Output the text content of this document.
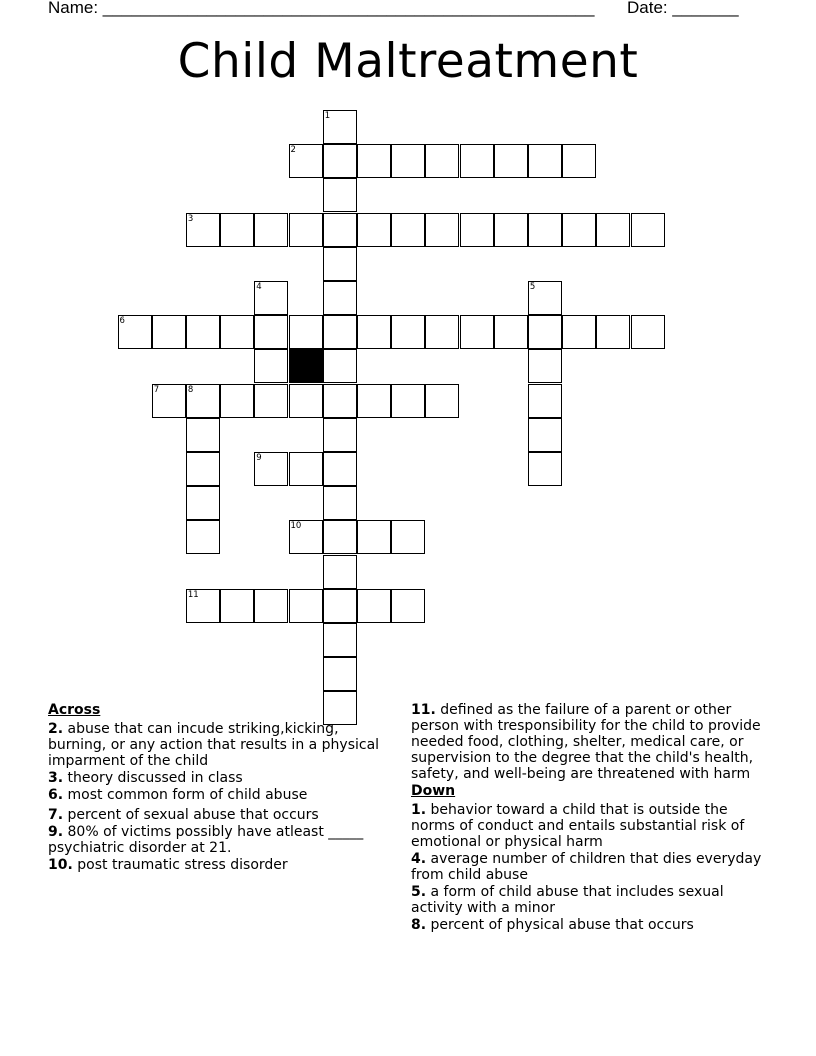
Name: ____________________________________________________ Date: _______
Child Maltreatment
1
2
3
4	5
6
7	8
9
10
11
Across
2. abuse that can incude striking,kicking, burning, or any action that results in a physical imparment of the child
3. theory discussed in class
6. most common form of child abuse
7. percent of sexual abuse that occurs
9. 80% of victims possibly have atleast _____ psychiatric disorder at 21.
10. post traumatic stress disorder
11. defined as the failure of a parent or other person with tresponsibility for the child to provide needed food, clothing, shelter, medical care, or supervision to the degree that the child's health, safety, and well-being are threatened with harm
Down
1. behavior toward a child that is outside the norms of conduct and entails substantial risk of emotional or physical harm
4. average number of children that dies everyday from child abuse
5. a form of child abuse that includes sexual activity with a minor
8. percent of physical abuse that occurs
